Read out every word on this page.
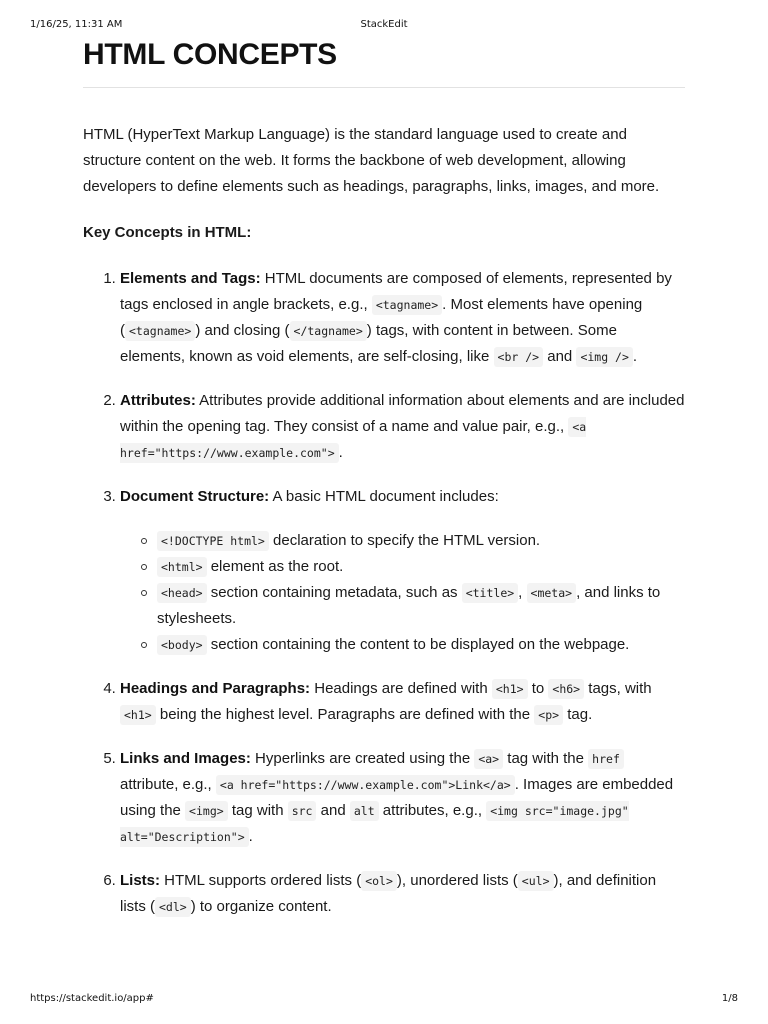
1/16/25, 11:31 AM	StackEdit
HTML CONCEPTS

HTML (HyperText Markup Language) is the standard language used to create and structure content on the web. It forms the backbone of web development, allowing developers to define elements such as headings, paragraphs, links, images, and more.

Key Concepts in HTML:

1. Elements and Tags: HTML documents are composed of elements, represented by tags enclosed in angle brackets, e.g., <tagname> . Most elements have opening ( <tagname> ) and closing ( </tagname> ) tags, with content in between. Some elements, known as void elements, are self-closing, like <br /> and <img /> .
2. Attributes: Attributes provide additional information about elements and are included within the opening tag. They consist of a name and value pair, e.g., <a href="https://www.example.com"> .
3. Document Structure: A basic HTML document includes:
<!DOCTYPE html> declaration to specify the HTML version.
<html> element as the root.
<head> section containing metadata, such as <title> , <meta> , and links to stylesheets.
<body> section containing the content to be displayed on the webpage.
4. Headings and Paragraphs: Headings are defined with <h1> to <h6> tags, with <h1> being the highest level. Paragraphs are defined with the <p> tag.
5. Links and Images: Hyperlinks are created using the <a> tag with the href attribute, e.g., <a href="https://www.example.com">Link</a> . Images are embedded using the <img> tag with src and alt attributes, e.g., <img src="image.jpg" alt="Description"> .
6. Lists: HTML supports ordered lists ( <ol> ), unordered lists ( <ul> ), and definition lists ( <dl> ) to organize content.
https://stackedit.io/app#	1/8
